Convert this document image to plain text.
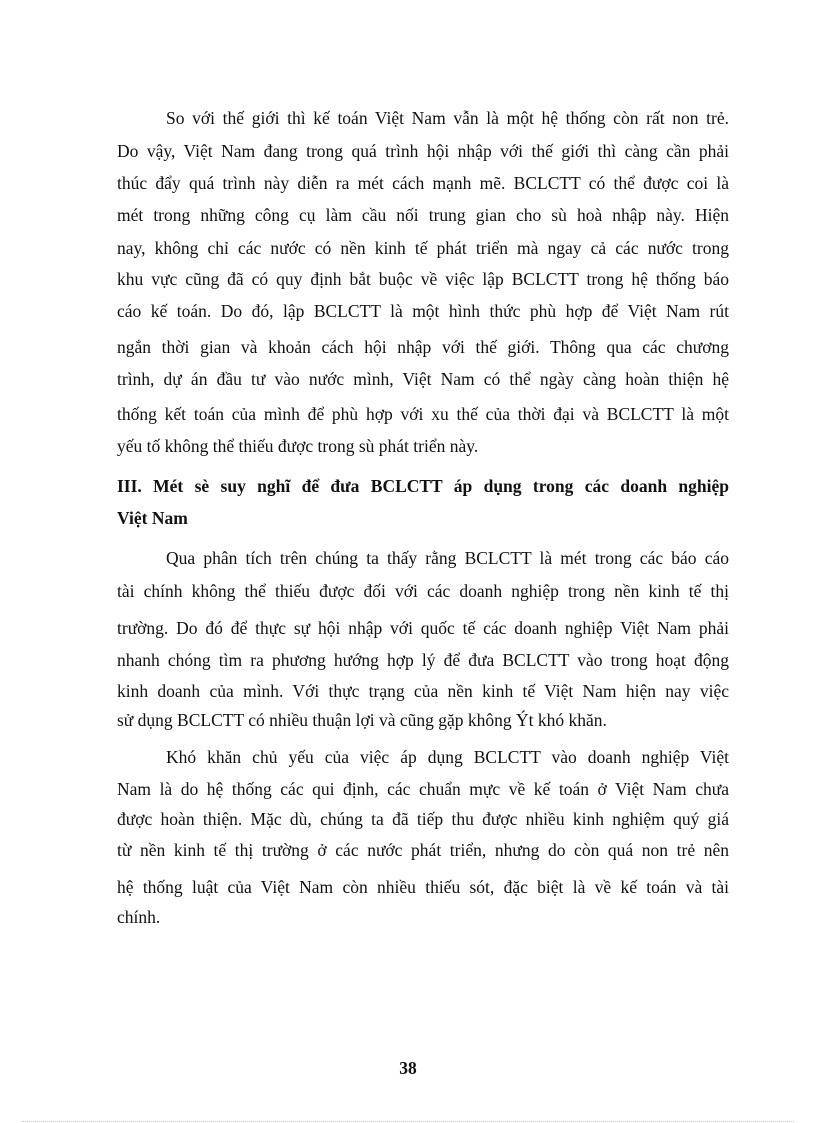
So với thế giới thì kế toán Việt Nam vẫn là một hệ thống còn rất non trẻ.
Do vậy, Việt Nam đang trong quá trình hội nhập với thế giới thì càng cần phải
thúc đẩy quá trình này diễn ra mét cách mạnh mẽ. BCLCTT có thể được coi là
mét trong những công cụ làm cầu nối trung gian cho sù hoà nhập này. Hiện
nay, không chỉ các nước có nền kinh tế phát triển mà ngay cả các nước trong
khu vực cũng đã có quy định bắt buộc về việc lập BCLCTT trong hệ thống báo
cáo kế toán. Do đó, lập BCLCTT là một hình thức phù hợp để Việt Nam rút
ngắn thời gian và khoản cách hội nhập với thế giới. Thông qua các chương
trình, dự án đầu tư vào nước mình, Việt Nam có thể ngày càng hoàn thiện hệ
thống kết toán của mình để phù hợp với xu thế của thời đại và BCLCTT là một
yếu tố không thể thiếu được trong sù phát triển này.
III. Mét sè suy nghĩ để đưa BCLCTT áp dụng trong các doanh nghiệp
Việt Nam
Qua phân tích trên chúng ta thấy rằng BCLCTT là mét trong các báo cáo
tài chính không thể thiếu được đối với các doanh nghiệp trong nền kinh tế thị
trường. Do đó để thực sự hội nhập với quốc tế các doanh nghiệp Việt Nam phải
nhanh chóng tìm ra phương hướng hợp lý để đưa BCLCTT vào trong hoạt động
kinh doanh của mình. Với thực trạng của nền kinh tế Việt Nam hiện nay việc
sử dụng BCLCTT có nhiều thuận lợi và cũng gặp không Ýt khó khăn.
Khó khăn chủ yếu của việc áp dụng BCLCTT vào doanh nghiệp Việt
Nam là do hệ thống các qui định, các chuẩn mực về kế toán ở Việt Nam chưa
được hoàn thiện. Mặc dù, chúng ta đã tiếp thu được nhiều kinh nghiệm quý giá
từ nền kinh tế thị trường ở các nước phát triển, nhưng do còn quá non trẻ nên
hệ thống luật của Việt Nam còn nhiều thiếu sót, đặc biệt là về kế toán và tài
chính.
38
